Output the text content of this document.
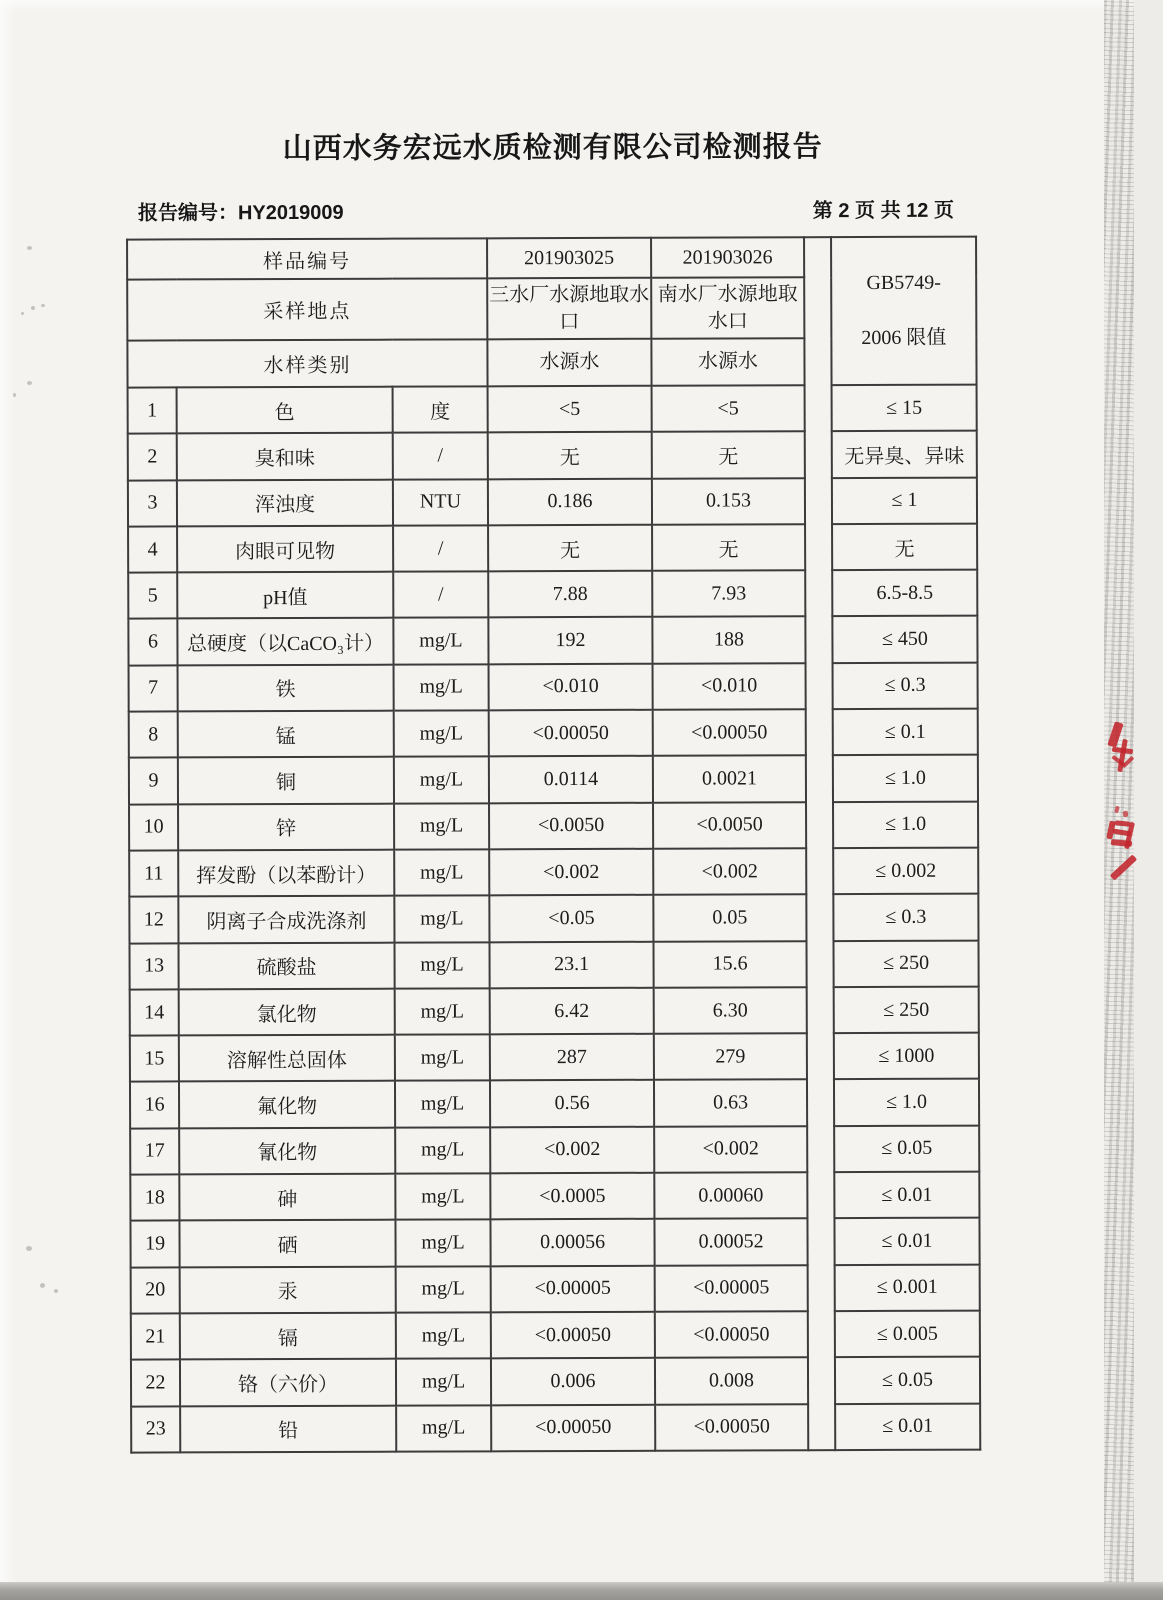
山西水务宏远水质检测有限公司检测报告
报告编号：HY2019009	第 2 页 共 12 页
样品编号			201903025	201903026		GB5749-
2006 限值

采样地点			三水厂水源地取水口	南水厂水源地取水口		
水样类别			水源水	水源水		
1	色	度	<5	<5		≤ 15
2	臭和味	/	无	无		无异臭、异味
3	浑浊度	NTU	0.186	0.153		≤ 1
4	肉眼可见物	/	无	无		无
5	pH值	/	7.88	7.93		6.5-8.5
6	总硬度（以CaCO₃计）	mg/L	192	188		≤ 450
7	铁	mg/L	<0.010	<0.010		≤ 0.3
8	锰	mg/L	<0.00050	<0.00050		≤ 0.1
9	铜	mg/L	0.0114	0.0021		≤ 1.0
10	锌	mg/L	<0.0050	<0.0050		≤ 1.0
11	挥发酚（以苯酚计）	mg/L	<0.002	<0.002		≤ 0.002
12	阴离子合成洗涤剂	mg/L	<0.05	0.05		≤ 0.3
13	硫酸盐	mg/L	23.1	15.6		≤ 250
14	氯化物	mg/L	6.42	6.30		≤ 250
15	溶解性总固体	mg/L	287	279		≤ 1000
16	氟化物	mg/L	0.56	0.63		≤ 1.0
17	氰化物	mg/L	<0.002	<0.002		≤ 0.05
18	砷	mg/L	<0.0005	0.00060		≤ 0.01
19	硒	mg/L	0.00056	0.00052		≤ 0.01
20	汞	mg/L	<0.00005	<0.00005		≤ 0.001
21	镉	mg/L	<0.00050	<0.00050		≤ 0.005
22	铬（六价）	mg/L	0.006	0.008		≤ 0.05
23	铅	mg/L	<0.00050	<0.00050		≤ 0.01
